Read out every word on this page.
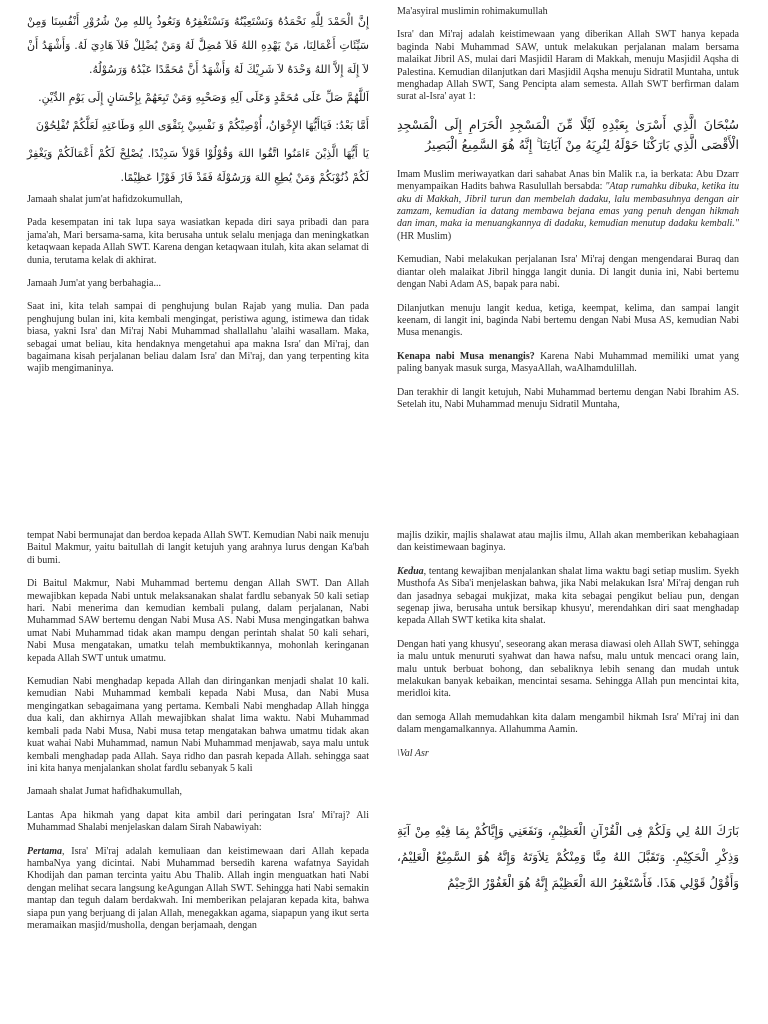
إِنَّ الْحَمْدَ لِلَّهِ نَحْمَدُهُ وَنَسْتَعِيْنُهُ وَنَسْتَغْفِرُهُ وَنَعُوذُ بِاللهِ مِنْ شُرُوْرِ أَنْفُسِنَا وَمِنْ سَيِّئَاتِ أَعْمَالِنَا، مَنْ يَهْدِهِ اللهُ فَلاَ مُضِلَّ لَهُ وَمَنْ يُضْلِلْ فَلاَ هَادِيَ لَهُ. وَأَشْهَدُ أَنْ لاَ إِلَهَ إِلاَّ اللهُ وَحْدَهُ لاَ شَرِيْكَ لَهُ وَأَشْهَدُ أَنَّ مُحَمَّدًا عَبْدُهُ وَرَسُوْلُهُ.

اَللَّهُمَّ صَلِّ عَلَى مُحَمَّدٍ وَعَلَى آلِهِ وَصَحْبِهِ وَمَنْ تَبِعَهُمْ بِإِحْسَانٍ إِلَى يَوْمِ الدِّيْنِ.

أَمَّا بَعْدُ: فَيَاأَيُّهَا الإِخْوَانُ، أُوْصِيْكُمْ وَ نَفْسِيْ بِتَقْوَى اللهِ وَطَاعَتِهِ لَعَلَّكُمْ تُفْلِحُوْنَ

يَا أَيُّهَا الَّذِيْنَ ءَامَنُوا اتَّقُوا اللهَ وَقُوْلُوْا قَوْلاً سَدِيْدًا. يُصْلِحْ لَكُمْ أَعْمَالَكُمْ وَيَغْفِرْ لَكُمْ ذُنُوْبَكُمْ وَمَنْ يُطِعِ اللهَ وَرَسُوْلَهُ فَقَدْ فَازَ فَوْزًا عَظِيْمًا.

Jamaah shalat jum'at hafidzokumullah,

Pada kesempatan ini tak lupa saya wasiatkan kepada diri saya pribadi dan para jama'ah, Mari bersama-sama, kita berusaha untuk selalu menjaga dan meningkatkan ketaqwaan kepada Allah SWT. Karena dengan ketaqwaan itulah, kita akan selamat di dunia, terutama kelak di akhirat.

Jamaah Jum'at yang berbahagia...

Saat ini, kita telah sampai di penghujung bulan Rajab yang mulia. Dan pada penghujung bulan ini, kita kembali mengingat, peristiwa agung, istimewa dan tidak biasa, yakni Isra' dan Mi'raj Nabi Muhammad shallallahu 'alaihi wasallam. Maka, sebagai umat beliau, kita hendaknya mengetahui apa makna Isra' dan Mi'raj, dan bagaimana kisah perjalanan beliau dalam Isra' dan Mi'raj, dan yang terpenting kita wajib mengimaninya.

Ma'asyiral muslimin rohimakumullah

Isra' dan Mi'raj adalah keistimewaan yang diberikan Allah SWT hanya kepada baginda Nabi Muhammad SAW, untuk melakukan perjalanan malam bersama malaikat Jibril AS, mulai dari Masjidil Haram di Makkah, menuju Masjidil Aqsha di Palestina. Kemudian dilanjutkan dari Masjidil Aqsha menuju Sidratil Muntaha, untuk menghadap Allah SWT, Sang Pencipta alam semesta. Allah SWT berfirman dalam surat al-Isra' ayat 1:

سُبْحَانَ الَّذِي أَسْرَىٰ بِعَبْدِهِ لَيْلًا مِّنَ الْمَسْجِدِ الْحَرَامِ إِلَى الْمَسْجِدِ الْأَقْصَى الَّذِي بَارَكْنَا حَوْلَهُ لِنُرِيَهُ مِنْ آيَاتِنَا ۚ إِنَّهُ هُوَ السَّمِيعُ الْبَصِيرُ

Imam Muslim meriwayatkan dari sahabat Anas bin Malik r.a, ia berkata: Abu Dzarr menyampaikan Hadits bahwa Rasulullah bersabda: "Atap rumahku dibuka, ketika itu aku di Makkah, Jibril turun dan membelah dadaku, lalu membasuhnya dengan air zamzam, kemudian ia datang membawa bejana emas yang penuh dengan hikmah dan iman, maka ia menuangkannya di dadaku, kemudian menutup dadaku kembali." (HR Muslim)

Kemudian, Nabi melakukan perjalanan Isra' Mi'raj dengan mengendarai Buraq dan diantar oleh malaikat Jibril hingga langit dunia. Di langit dunia ini, Nabi bertemu dengan Nabi Adam AS, bapak para nabi.

Dilanjutkan menuju langit kedua, ketiga, keempat, kelima, dan sampai langit keenam, di langit ini, baginda Nabi bertemu dengan Nabi Musa AS, kemudian Nabi Musa menangis.

Kenapa nabi Musa menangis? Karena Nabi Muhammad memiliki umat yang paling banyak masuk surga, MasyaAllah, waAlhamdulillah.

Dan terakhir di langit ketujuh, Nabi Muhammad bertemu dengan Nabi Ibrahim AS. Setelah itu, Nabi Muhammad menuju Sidratil Muntaha,

tempat Nabi bermunajat dan berdoa kepada Allah SWT. Kemudian Nabi naik menuju Baitul Makmur, yaitu baitullah di langit ketujuh yang arahnya lurus dengan Ka'bah di bumi.

Di Baitul Makmur, Nabi Muhammad bertemu dengan Allah SWT. Dan Allah mewajibkan kepada Nabi untuk melaksanakan shalat fardlu sebanyak 50 kali setiap hari. Nabi menerima dan kemudian kembali pulang, dalam perjalanan, Nabi Muhammad SAW bertemu dengan Nabi Musa AS. Nabi Musa mengingatkan bahwa umat Nabi Muhammad tidak akan mampu dengan perintah shalat 50 kali sehari, Nabi Musa mengatakan, umatku telah membuktikannya, mohonlah keringanan kepada Allah SWT untuk umatmu.

Kemudian Nabi menghadap kepada Allah dan diringankan menjadi shalat 10 kali. kemudian Nabi Muhammad kembali kepada Nabi Musa, dan Nabi Musa mengingatkan sebagaimana yang pertama. Kembali Nabi menghadap Allah hingga dua kali, dan akhirnya Allah mewajibkan shalat lima waktu. Nabi Muhammad kembali pada Nabi Musa, Nabi musa tetap mengatakan bahwa umatmu tidak akan kuat wahai Nabi Muhammad, namun Nabi Muhammad menjawab, saya malu untuk kembali menghadap pada Allah. Saya ridho dan pasrah kepada Allah. sehingga saat ini kita hanya menjalankan sholat fardlu sebanyak 5 kali

Jamaah shalat Jumat hafidhakumullah,

Lantas Apa hikmah yang dapat kita ambil dari peringatan Isra' Mi'raj? Ali Muhammad Shalabi menjelaskan dalam Sirah Nabawiyah:

Pertama, Isra' Mi'raj adalah kemuliaan dan keistimewaan dari Allah kepada hambaNya yang dicintai. Nabi Muhammad bersedih karena wafatnya Sayidah Khodijah dan paman tercinta yaitu Abu Thalib. Allah ingin menguatkan hati Nabi dengan melihat secara langsung keAgungan Allah SWT. Sehingga hati Nabi semakin mantap dan teguh dalam berdakwah. Ini memberikan pelajaran kepada kita, bahwa siapa pun yang berjuang di jalan Allah, menegakkan agama, siapapun yang ikut serta meramaikan masjid/musholla, dengan berjamaah, dengan

majlis dzikir, majlis shalawat atau majlis ilmu, Allah akan memberikan kebahagiaan dan keistimewaan baginya.

Kedua, tentang kewajiban menjalankan shalat lima waktu bagi setiap muslim. Syekh Musthofa As Siba'i menjelaskan bahwa, jika Nabi melakukan Isra' Mi'raj dengan ruh dan jasadnya sebagai mukjizat, maka kita sebagai pengikut beliau pun, dengan segenap jiwa, berusaha untuk bersikap khusyu', merendahkan diri saat menghadap kepada Allah SWT ketika kita shalat.

Dengan hati yang khusyu', seseorang akan merasa diawasi oleh Allah SWT, sehingga ia malu untuk menuruti syahwat dan hawa nafsu, malu untuk mencaci orang lain, malu untuk berbuat bohong, dan sebaliknya lebih senang dan mudah untuk melakukan banyak kebaikan, mencintai sesama. Sehingga Allah pun mencintai kita, meridloi kita.

dan semoga Allah memudahkan kita dalam mengambil hikmah Isra' Mi'raj ini dan dalam mengamalkannya. Allahumma Aamin.

\Val Asr

بَارَكَ اللهُ لِي وَلَكُمْ فِى الْقُرْآنِ الْعَظِيْمِ، وَنَفَعَنِي وَإِيَّاكُمْ بِمَا فِيْهِ مِنْ آيَةِ وَذِكْرِ الْحَكِيْمِ. وَتَقَبَّلَ اللهُ مِنَّا وَمِنْكُمْ تِلاَوَتَهُ وَإِنَّهُ هُوَ السَّمِيْعُ الْعَلِيْمُ، وَأَقُوْلُ قَوْلِي هَذَا. فَأَسْتَغْفِرُ اللهَ الْعَظِيْمَ إِنَّهُ هُوَ الْغَفُوْرُ الرَّحِيْمُ
